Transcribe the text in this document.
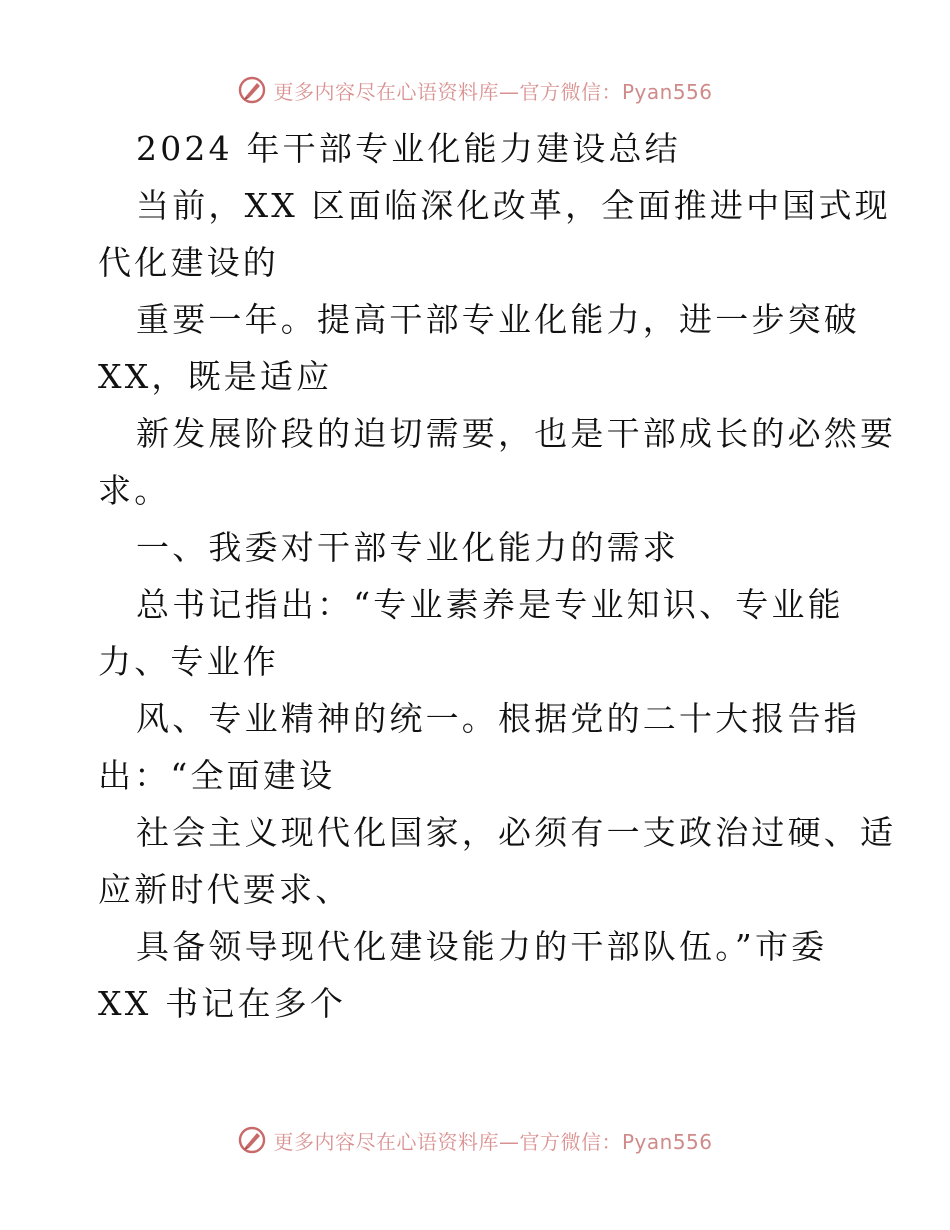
更多内容尽在心语资料库—官方微信：Pyan556
2024 年干部专业化能力建设总结
当前，XX 区面临深化改革，全面推进中国式现
代化建设的
重要一年。提高干部专业化能力，进一步突破
XX，既是适应
新发展阶段的迫切需要，也是干部成长的必然要
求。
一、我委对干部专业化能力的需求
总书记指出：“专业素养是专业知识、专业能
力、专业作
风、专业精神的统一。根据党的二十大报告指
出：“全面建设
社会主义现代化国家，必须有一支政治过硬、适
应新时代要求、
具备领导现代化建设能力的干部队伍。”市委
XX 书记在多个
更多内容尽在心语资料库—官方微信：Pyan556
